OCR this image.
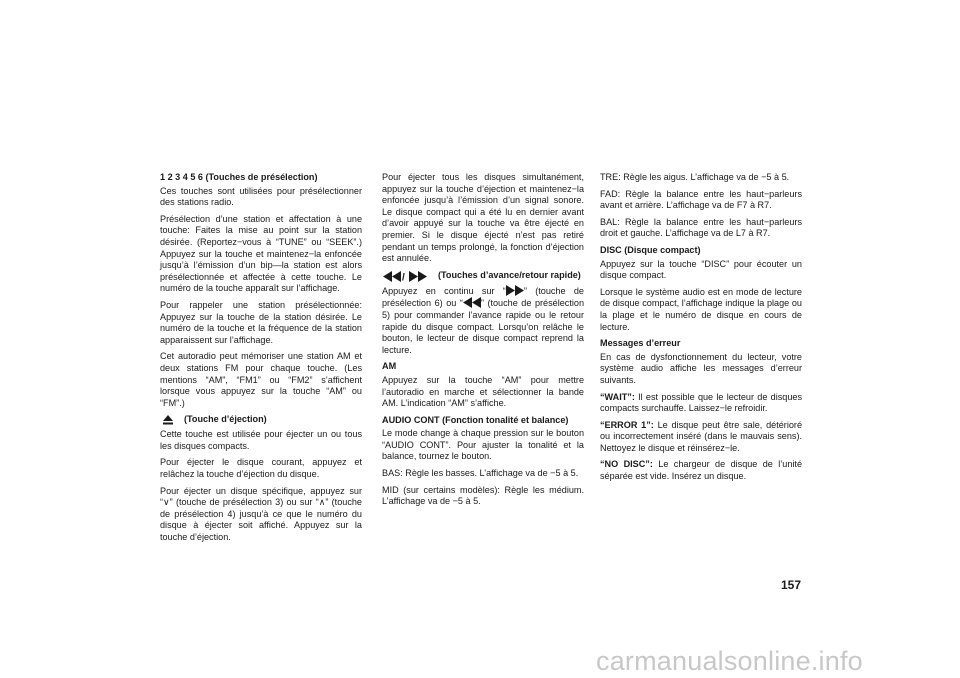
1 2 3 4 5 6 (Touches de présélection)

Ces touches sont utilisées pour présélectionner des stations radio.

Présélection d’une station et affectation à une touche: Faites la mise au point sur la station désirée. (Reportez−vous à “TUNE” ou “SEEK”.) Appuyez sur la touche et maintenez−la enfoncée jusqu’à l’émission d’un bip—la station est alors présélectionnée et affectée à cette touche. Le numéro de la touche apparaît sur l’affichage.

Pour rappeler une station présélectionnée: Appuyez sur la touche de la station désirée. Le numéro de la touche et la fréquence de la station apparaissent sur l’affichage.

Cet autoradio peut mémoriser une station AM et deux stations FM pour chaque touche. (Les mentions “AM”, “FM1” ou “FM2” s’affichent lorsque vous appuyez sur la touche “AM” ou “FM”.)

(Touche d’éjection)

Cette touche est utilisée pour éjecter un ou tous les disques compacts.

Pour éjecter le disque courant, appuyez et relâchez la touche d’éjection du disque.

Pour éjecter un disque spécifique, appuyez sur “∨” (touche de présélection 3) ou sur “∧” (touche de présélection 4) jusqu’à ce que le numéro du disque à éjecter soit affiché. Appuyez sur la touche d’éjection.

Pour éjecter tous les disques simultanément, appuyez sur la touche d’éjection et maintenez−la enfoncée jusqu’à l’émission d’un signal sonore. Le disque compact qui a été lu en dernier avant d’avoir appuyé sur la touche va être éjecté en premier. Si le disque éjecté n’est pas retiré pendant un temps prolongé, la fonction d’éjection est annulée.

/	(Touches d’avance/retour rapide)

Appuyez en continu sur “ ” (touche de présélection 6) ou “ ” (touche de présélection 5) pour commander l’avance rapide ou le retour rapide du disque compact. Lorsqu’on relâche le bouton, le lecteur de disque compact reprend la lecture.

AM

Appuyez sur la touche “AM” pour mettre l’autoradio en marche et sélectionner la bande AM. L’indication “AM” s’affiche.

AUDIO CONT (Fonction tonalité et balance)

Le mode change à chaque pression sur le bouton “AUDIO CONT”. Pour ajuster la tonalité et la balance, tournez le bouton.

BAS: Règle les basses. L’affichage va de −5 à 5.

MID (sur certains modèles): Règle les médium. L’affichage va de −5 à 5.

TRE: Règle les aigus. L’affichage va de −5 à 5.

FAD: Règle la balance entre les haut−parleurs avant et arrière. L’affichage va de F7 à R7.

BAL: Règle la balance entre les haut−parleurs droit et gauche. L’affichage va de L7 à R7.

DISC (Disque compact)

Appuyez sur la touche “DISC” pour écouter un disque compact.

Lorsque le système audio est en mode de lecture de disque compact, l’affichage indique la plage ou la plage et le numéro de disque en cours de lecture.

Messages d’erreur

En cas de dysfonctionnement du lecteur, votre système audio affiche les messages d’erreur suivants.

“WAIT”: Il est possible que le lecteur de disques compacts surchauffe. Laissez−le refroidir.

“ERROR 1”: Le disque peut être sale, détérioré ou incorrectement inséré (dans le mauvais sens). Nettoyez le disque et réinsérez−le.

“NO DISC”: Le chargeur de disque de l’unité séparée est vide. Insérez un disque.

157
carmanualsonline.info
